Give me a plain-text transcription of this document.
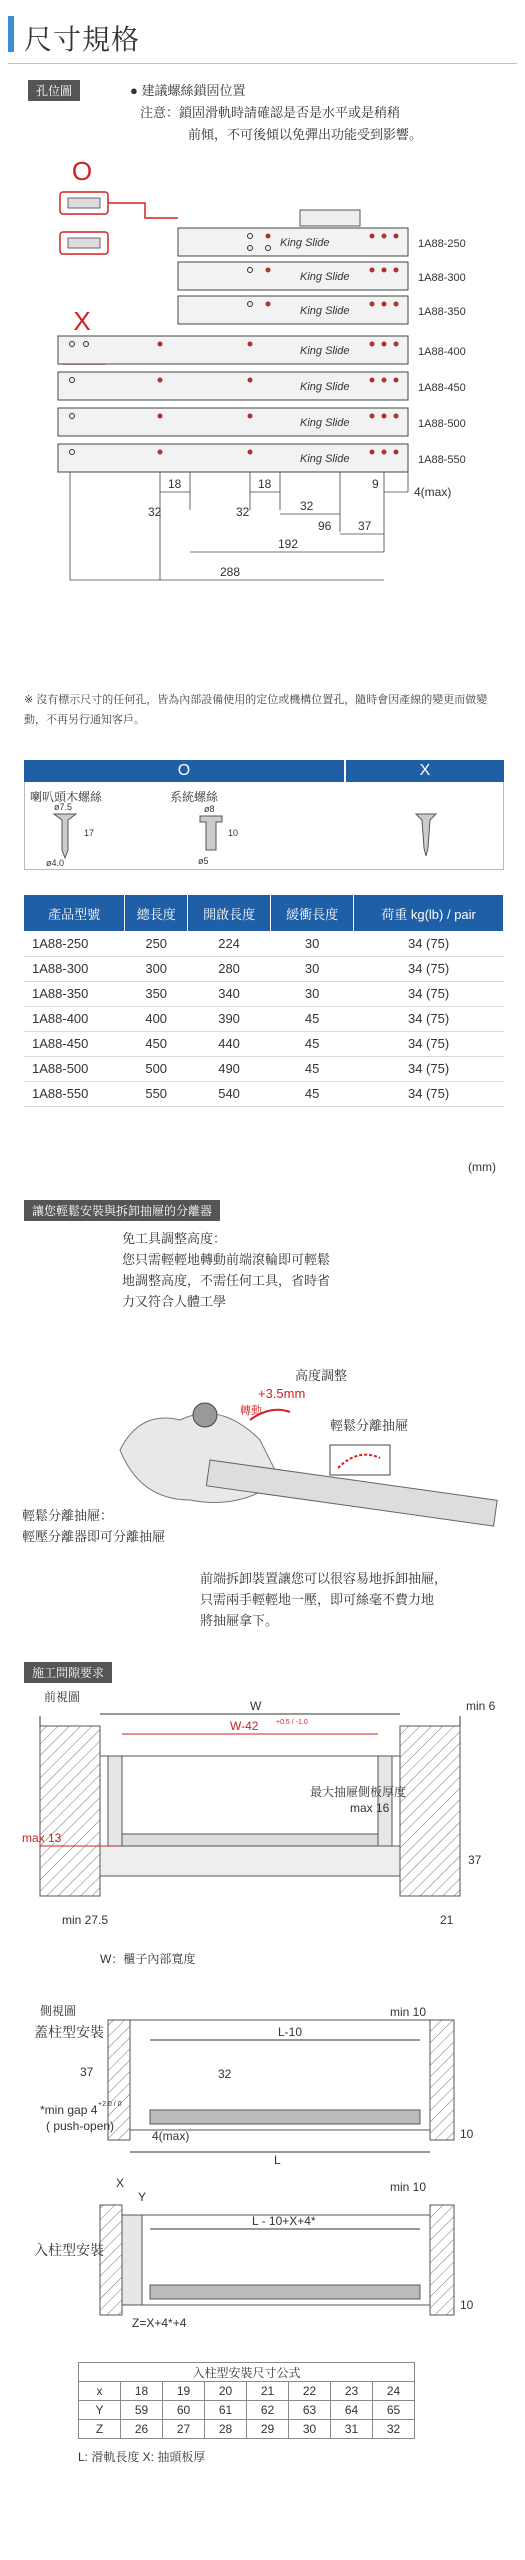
尺寸規格
孔位圖	● 建議螺絲鎖固位置
注意：鎖固滑軌時請確認是否是水平或是稍稍
前傾，不可後傾以免彈出功能受到影響。
O
X
King Slide	1A88-250
King Slide	1A88-300
King Slide	1A88-350
King Slide	1A88-400
King Slide	1A88-450
King Slide	1A88-500
King Slide	1A88-550
32
18
32
18
32
9
4(max)
96 37
192
288
※ 沒有標示尺寸的任何孔，皆為內部設備使用的定位或機構位置孔，隨時會因產線的變更而做變動，不再另行通知客戶。
O	X
喇叭頭木螺絲	系統螺絲
ø7.5
17
ø4.0
ø8
10
ø5
產品型號	總長度	開啟長度	緩衝長度	荷重 kg(lb) / pair
1A88-250	250	224	30	34 (75)
1A88-300	300	280	30	34 (75)
1A88-350	350	340	30	34 (75)
1A88-400	400	390	45	34 (75)
1A88-450	450	440	45	34 (75)
1A88-500	500	490	45	34 (75)
1A88-550	550	540	45	34 (75)
(mm)
讓您輕鬆安裝與拆卸抽屜的分離器
免工具調整高度：
您只需輕輕地轉動前端滾輪即可輕鬆
地調整高度，不需任何工具，省時省
力又符合人體工學
高度調整
+3.5mm
轉動
輕鬆分離抽屜
輕鬆分離抽屜：
輕壓分離器即可分離抽屜
前端拆卸裝置讓您可以很容易地拆卸抽屜，
只需兩手輕輕地一壓，即可絲毫不費力地
將抽屜拿下。
施工問隙要求
前視圖
W
W-42	+0.5 / -1.0
min 6
最大抽屜側板厚度
max 16
max 13
37
min 27.5	21
W：櫃子內部寬度
側視圖
蓋柱型安裝	L-10
min 10
37	32
*min gap 4 +2.0 / 0
( push-open)
4(max)
L
10
X
Y
min 10
L - 10+X+4*
Z=X+4*+4
10
入柱型安裝
入柱型安裝尺寸公式							
x	18	19	20	21	22	23	24
Y	59	60	61	62	63	64	65
Z	26	27	28	29	30	31	32
L: 滑軌長度 X: 抽頭板厚
